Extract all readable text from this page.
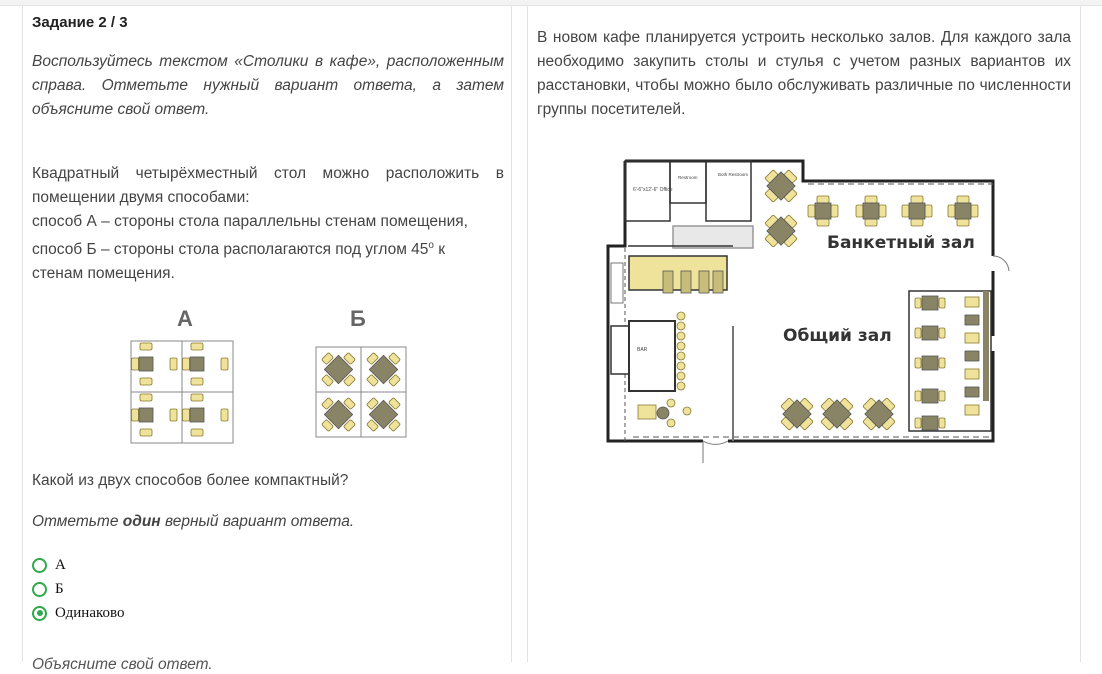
Задание 2 / 3
Воспользуйтесь текстом «Столики в кафе», расположенным справа. Отметьте нужный вариант ответа, а затем объясните свой ответ.

Квадратный четырёхместный стол можно расположить в помещении двумя способами:

способ А – стороны стола параллельны стенам помещения,

способ Б – стороны стола располагаются под углом 45$^o$ к

стенам помещения.

А	Б
Какой из двух способов более компактный?
Отметьте один верный вариант ответа.
А
Б
Одинаково
Объясните свой ответ.
В новом кафе планируется устроить несколько залов. Для каждого зала необходимо закупить столы и стулья с учетом разных вариантов их расстановки, чтобы можно было обслуживать различные по численности группы посетителей.
6'-6"x12'-6" Office
Restroom
Both Restroom
BAR
Банкетный зал
Общий зал
